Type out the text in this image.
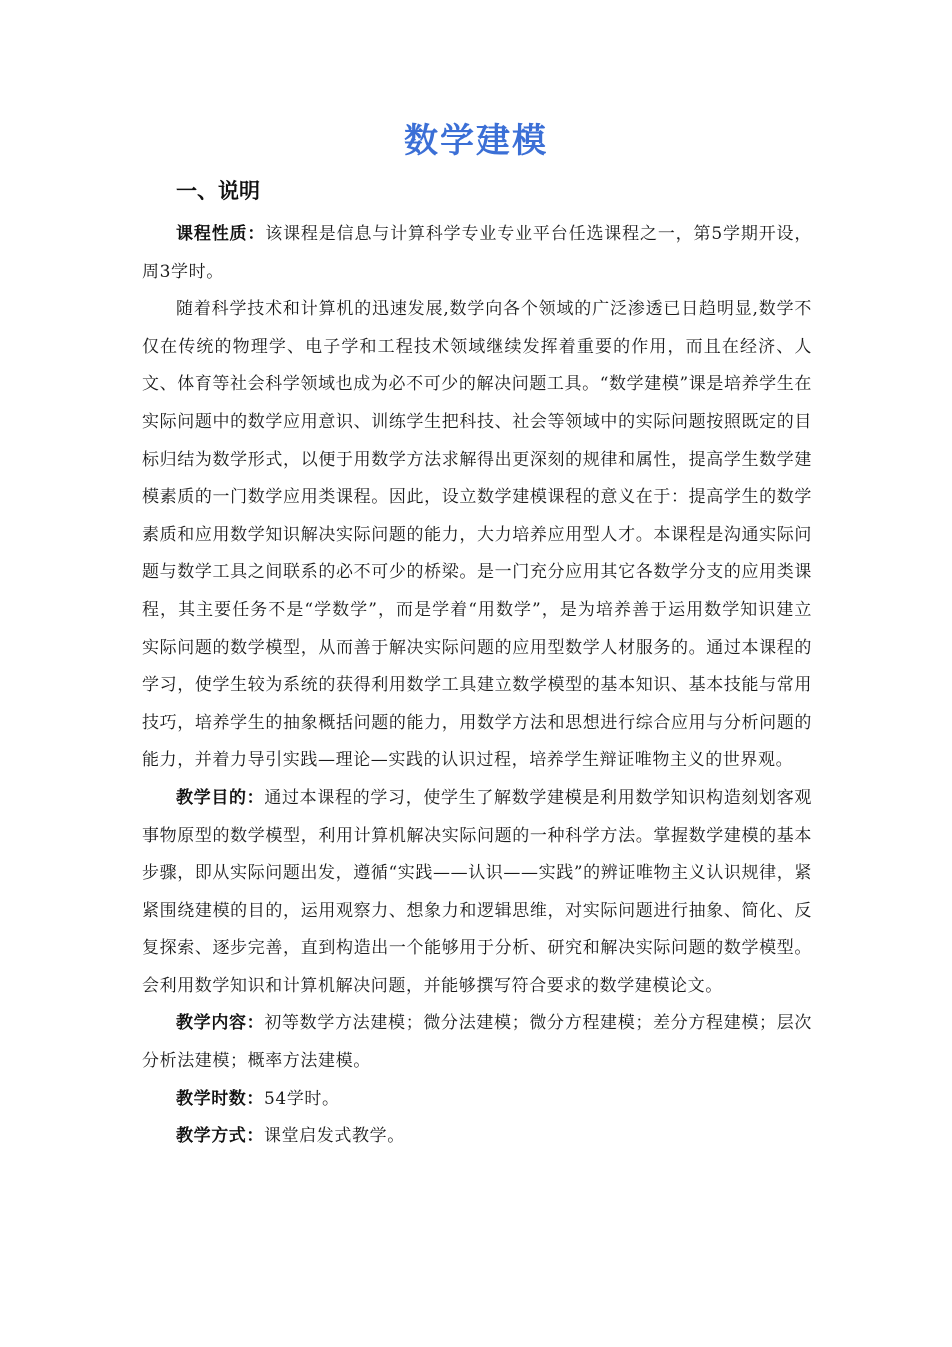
数学建模
一、说明

课程性质：该课程是信息与计算科学专业专业平台任选课程之一，第5学期开设，周3学时。

随着科学技术和计算机的迅速发展,数学向各个领域的广泛渗透已日趋明显,数学不仅在传统的物理学、电子学和工程技术领域继续发挥着重要的作用，而且在经济、人文、体育等社会科学领域也成为必不可少的解决问题工具。“数学建模”课是培养学生在实际问题中的数学应用意识、训练学生把科技、社会等领域中的实际问题按照既定的目标归结为数学形式，以便于用数学方法求解得出更深刻的规律和属性，提高学生数学建模素质的一门数学应用类课程。因此，设立数学建模课程的意义在于：提高学生的数学素质和应用数学知识解决实际问题的能力，大力培养应用型人才。本课程是沟通实际问题与数学工具之间联系的必不可少的桥梁。是一门充分应用其它各数学分支的应用类课程，其主要任务不是“学数学”，而是学着“用数学”，是为培养善于运用数学知识建立实际问题的数学模型，从而善于解决实际问题的应用型数学人材服务的。通过本课程的学习，使学生较为系统的获得利用数学工具建立数学模型的基本知识、基本技能与常用技巧，培养学生的抽象概括问题的能力，用数学方法和思想进行综合应用与分析问题的能力，并着力导引实践—理论—实践的认识过程，培养学生辩证唯物主义的世界观。

教学目的：通过本课程的学习，使学生了解数学建模是利用数学知识构造刻划客观事物原型的数学模型，利用计算机解决实际问题的一种科学方法。掌握数学建模的基本步骤，即从实际问题出发，遵循“实践——认识——实践”的辨证唯物主义认识规律，紧紧围绕建模的目的，运用观察力、想象力和逻辑思维，对实际问题进行抽象、简化、反复探索、逐步完善，直到构造出一个能够用于分析、研究和解决实际问题的数学模型。会利用数学知识和计算机解决问题，并能够撰写符合要求的数学建模论文。

教学内容：初等数学方法建模；微分法建模；微分方程建模；差分方程建模；层次分析法建模；概率方法建模。

教学时数：54学时。

教学方式：课堂启发式教学。
